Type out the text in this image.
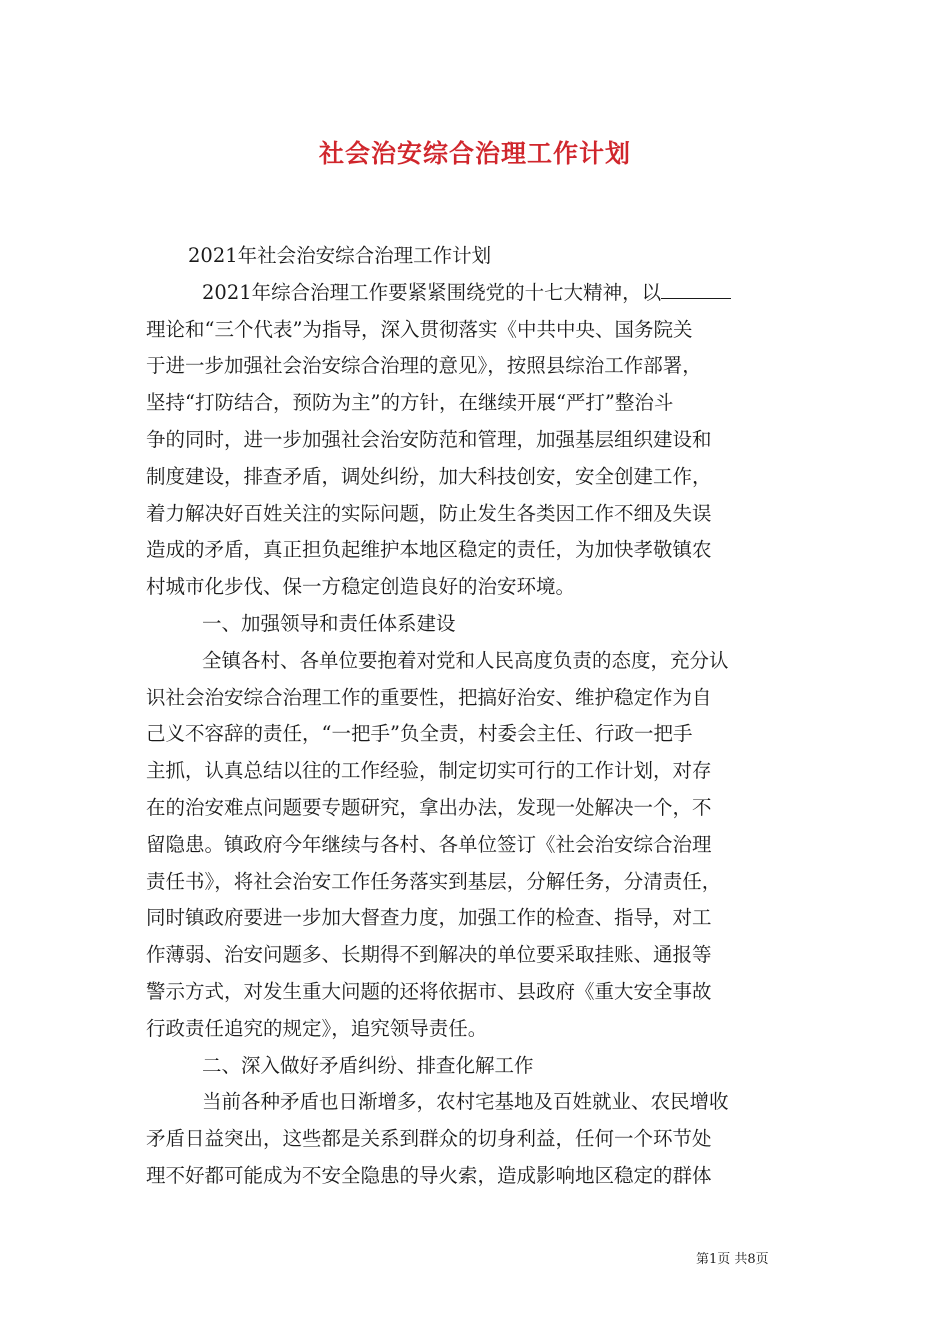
社会治安综合治理工作计划
2021年社会治安综合治理工作计划
2021年综合治理工作要紧紧围绕党的十七大精神，以
理论和“三个代表”为指导，深入贯彻落实《中共中央、国务院关
于进一步加强社会治安综合治理的意见》，按照县综治工作部署，
坚持“打防结合，预防为主”的方针，在继续开展“严打”整治斗
争的同时，进一步加强社会治安防范和管理，加强基层组织建设和
制度建设，排查矛盾，调处纠纷，加大科技创安，安全创建工作，
着力解决好百姓关注的实际问题，防止发生各类因工作不细及失误
造成的矛盾，真正担负起维护本地区稳定的责任，为加快孝敬镇农
村城市化步伐、保一方稳定创造良好的治安环境。
一、加强领导和责任体系建设
全镇各村、各单位要抱着对党和人民高度负责的态度，充分认
识社会治安综合治理工作的重要性，把搞好治安、维护稳定作为自
己义不容辞的责任，“一把手”负全责，村委会主任、行政一把手
主抓，认真总结以往的工作经验，制定切实可行的工作计划，对存
在的治安难点问题要专题研究，拿出办法，发现一处解决一个，不
留隐患。镇政府今年继续与各村、各单位签订《社会治安综合治理
责任书》，将社会治安工作任务落实到基层，分解任务，分清责任，
同时镇政府要进一步加大督查力度，加强工作的检查、指导，对工
作薄弱、治安问题多、长期得不到解决的单位要采取挂账、通报等
警示方式，对发生重大问题的还将依据市、县政府《重大安全事故
行政责任追究的规定》，追究领导责任。
二、深入做好矛盾纠纷、排查化解工作
当前各种矛盾也日渐增多，农村宅基地及百姓就业、农民增收
矛盾日益突出，这些都是关系到群众的切身利益，任何一个环节处
理不好都可能成为不安全隐患的导火索，造成影响地区稳定的群体
第1页 共8页
